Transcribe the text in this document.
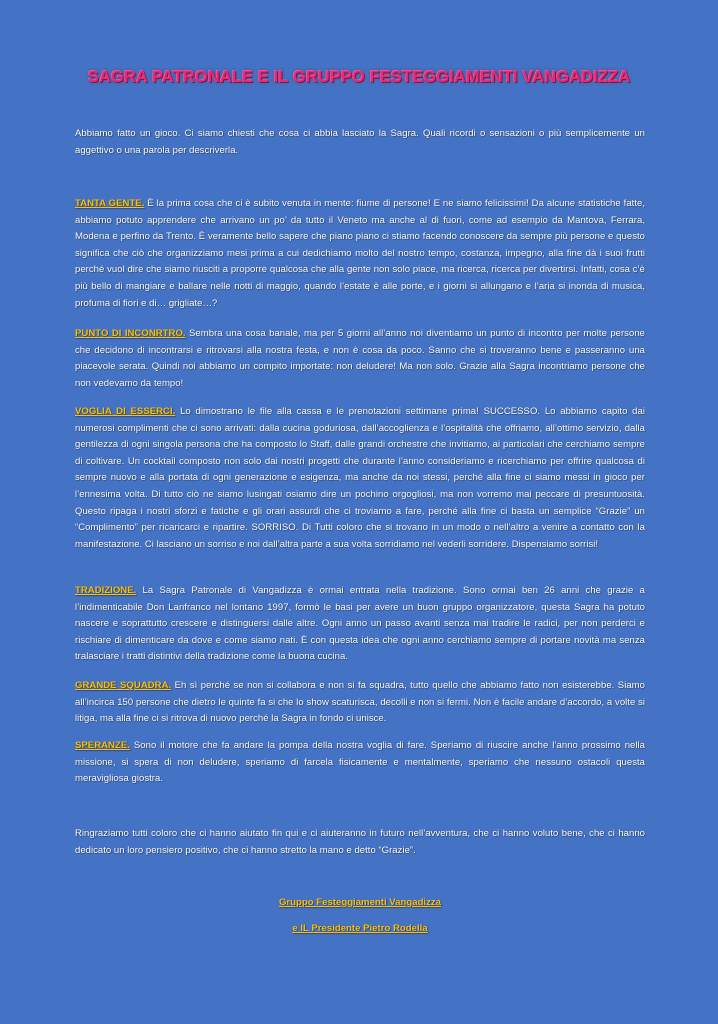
SAGRA PATRONALE E IL GRUPPO FESTEGGIAMENTI VANGADIZZA

Abbiamo fatto un gioco. Ci siamo chiesti che cosa ci abbia lasciato la Sagra. Quali ricordi o sensazioni o più semplicemente un aggettivo o una parola per descriverla.

TANTA GENTE. È la prima cosa che ci è subito venuta in mente: fiume di persone! E ne siamo felicissimi! Da alcune statistiche fatte, abbiamo potuto apprendere che arrivano un po’ da tutto il Veneto ma anche al di fuori, come ad esempio da Mantova, Ferrara, Modena e perfino da Trento. È veramente bello sapere che piano piano ci stiamo facendo conoscere da sempre più persone e questo significa che ciò che organizziamo mesi prima a cui dedichiamo molto del nostro tempo, costanza, impegno, alla fine dà i suoi frutti perché vuol dire che siamo riusciti a proporre qualcosa che alla gente non solo piace, ma ricerca, ricerca per divertirsi. Infatti, cosa c’è più bello di mangiare e ballare nelle notti di maggio, quando l’estate è alle porte, e i giorni si allungano e l’aria si inonda di musica, profuma di fiori e di… grigliate…?

PUNTO DI INCONRTRO. Sembra una cosa banale, ma per 5 giorni all’anno noi diventiamo un punto di incontro per molte persone che decidono di incontrarsi e ritrovarsi alla nostra festa, e non è cosa da poco. Sanno che si troveranno bene e passeranno una piacevole serata. Quindi noi abbiamo un compito importate: non deludere! Ma non solo. Grazie alla Sagra incontriamo persone che non vedevamo da tempo!

VOGLIA DI ESSERCI. Lo dimostrano le file alla cassa e le prenotazioni settimane prima! SUCCESSO. Lo abbiamo capito dai numerosi complimenti che ci sono arrivati: dalla cucina goduriosa, dall’accoglienza e l’ospitalità che offriamo, all’ottimo servizio, dalla gentilezza di ogni singola persona che ha composto lo Staff, dalle grandi orchestre che invitiamo, ai particolari che cerchiamo sempre di coltivare. Un cocktail composto non solo dai nostri progetti che durante l’anno consideriamo e ricerchiamo per offrire qualcosa di sempre nuovo e alla portata di ogni generazione e esigenza, ma anche da noi stessi, perché alla fine ci siamo messi in gioco per l’ennesima volta. Di tutto ciò ne siamo lusingati osiamo dire un pochino orgogliosi, ma non vorremo mai peccare di presuntuosità. Questo ripaga i nostri sforzi e fatiche e gli orari assurdi che ci troviamo a fare, perché alla fine ci basta un semplice “Grazie” un “Complimento” per ricaricarci e ripartire. SORRISO. Di Tutti coloro che si trovano in un modo o nell’altro a venire a contatto con la manifestazione. Ci lasciano un sorriso e noi dall’altra parte a sua volta sorridiamo nel vederli sorridere. Dispensiamo sorrisi!

TRADIZIONE. La Sagra Patronale di Vangadizza è ormai entrata nella tradizione. Sono ormai ben 26 anni che grazie a l’indimenticabile Don Lanfranco nel lontano 1997, formò le basi per avere un buon gruppo organizzatore, questa Sagra ha potuto nascere e soprattutto crescere e distinguersi dalle altre. Ogni anno un passo avanti senza mai tradire le radici, per non perderci e rischiare di dimenticare da dove e come siamo nati. È con questa idea che ogni anno cerchiamo sempre di portare novità ma senza tralasciare i tratti distintivi della tradizione come la buona cucina.

GRANDE SQUADRA. Eh sì perché se non si collabora e non si fa squadra, tutto quello che abbiamo fatto non esisterebbe. Siamo all’incirca 150 persone che dietro le quinte fa si che lo show scaturisca, decolli e non si fermi. Non è facile andare d’accordo, a volte si litiga, ma alla fine ci si ritrova di nuovo perché la Sagra in fondo ci unisce.

SPERANZE. Sono il motore che fa andare la pompa della nostra voglia di fare. Speriamo di riuscire anche l’anno prossimo nella missione, si spera di non deludere, speriamo di farcela fisicamente e mentalmente, speriamo che nessuno ostacoli questa meravigliosa giostra.

Ringraziamo tutti coloro che ci hanno aiutato fin qui e ci aiuteranno in futuro nell’avventura, che ci hanno voluto bene, che ci hanno dedicato un loro pensiero positivo, che ci hanno stretto la mano e detto “Grazie”.

Gruppo Festeggiamenti Vangadizza
e IL Presidente Pietro Rodella
